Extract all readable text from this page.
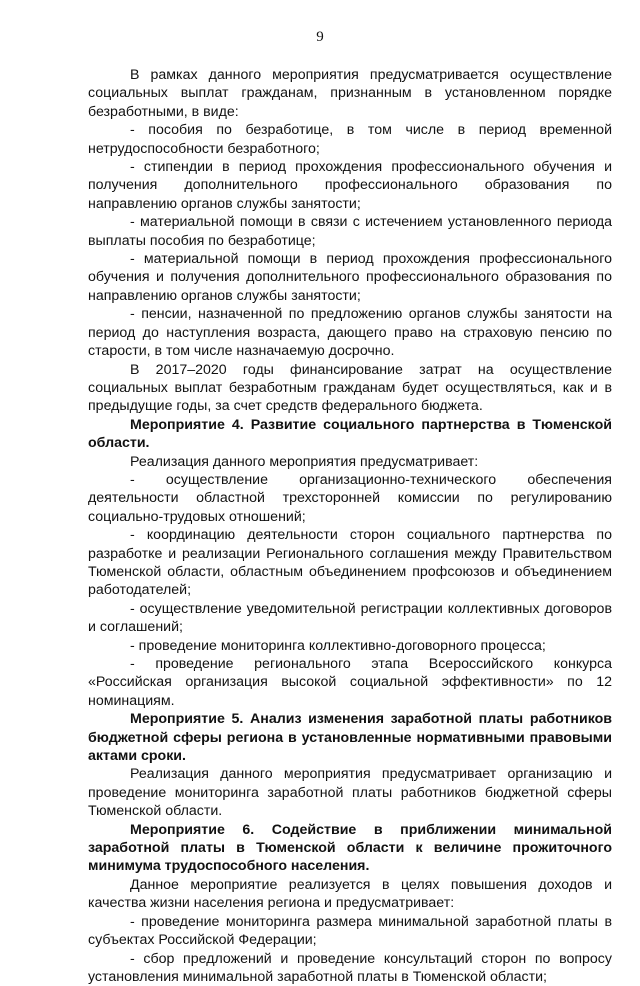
9

В рамках данного мероприятия предусматривается осуществление социальных выплат гражданам, признанным в установленном порядке безработными, в виде:

- пособия по безработице, в том числе в период временной нетрудоспособности безработного;

- стипендии в период прохождения профессионального обучения и получения дополнительного профессионального образования по направлению органов службы занятости;

- материальной помощи в связи с истечением установленного периода выплаты пособия по безработице;

- материальной помощи в период прохождения профессионального обучения и получения дополнительного профессионального образования по направлению органов службы занятости;

- пенсии, назначенной по предложению органов службы занятости на период до наступления возраста, дающего право на страховую пенсию по старости, в том числе назначаемую досрочно.

В 2017–2020 годы финансирование затрат на осуществление социальных выплат безработным гражданам будет осуществляться, как и в предыдущие годы, за счет средств федерального бюджета.

Мероприятие 4. Развитие социального партнерства в Тюменской области.

Реализация данного мероприятия предусматривает:

- осуществление организационно-технического обеспечения деятельности областной трехсторонней комиссии по регулированию социально-трудовых отношений;

- координацию деятельности сторон социального партнерства по разработке и реализации Регионального соглашения между Правительством Тюменской области, областным объединением профсоюзов и объединением работодателей;

- осуществление уведомительной регистрации коллективных договоров и соглашений;

- проведение мониторинга коллективно-договорного процесса;

- проведение регионального этапа Всероссийского конкурса «Российская организация высокой социальной эффективности» по 12 номинациям.

Мероприятие 5. Анализ изменения заработной платы работников бюджетной сферы региона в установленные нормативными правовыми актами сроки.

Реализация данного мероприятия предусматривает организацию и проведение мониторинга заработной платы работников бюджетной сферы Тюменской области.

Мероприятие 6. Содействие в приближении минимальной заработной платы в Тюменской области к величине прожиточного минимума трудоспособного населения.

Данное мероприятие реализуется в целях повышения доходов и качества жизни населения региона и предусматривает:

- проведение мониторинга размера минимальной заработной платы в субъектах Российской Федерации;

- сбор предложений и проведение консультаций сторон по вопросу установления минимальной заработной платы в Тюменской области;
